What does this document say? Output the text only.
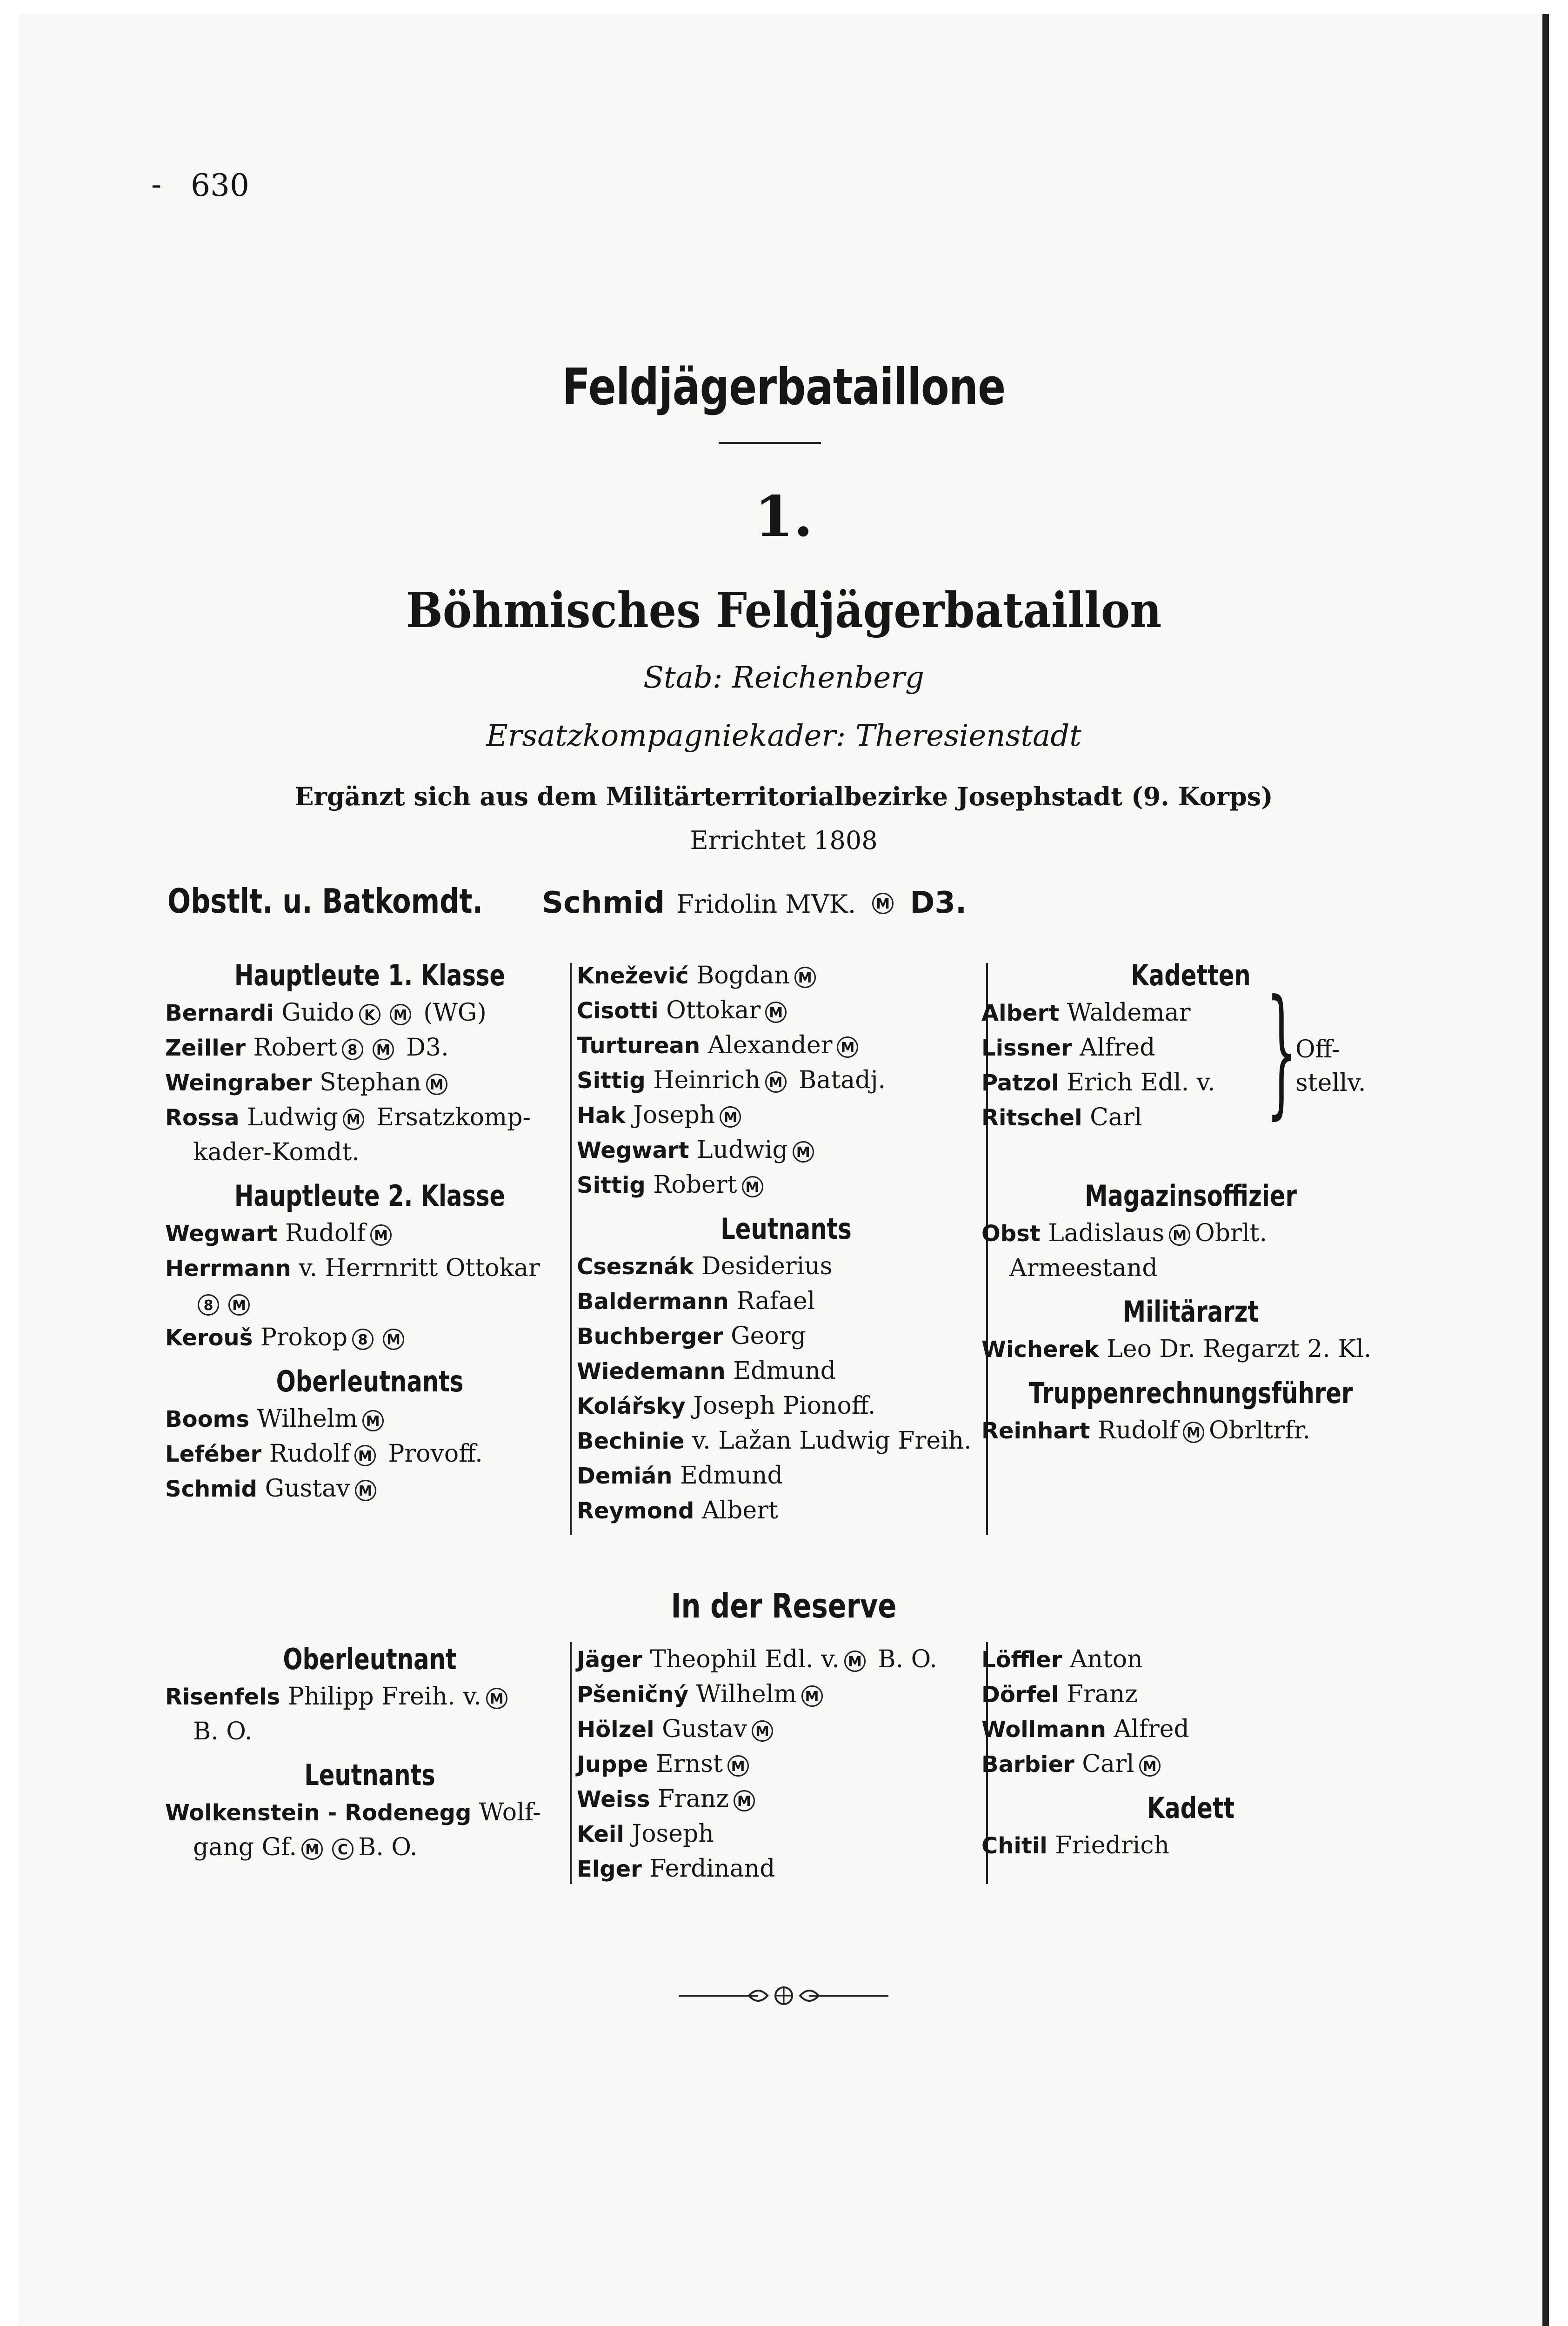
- 630
Feldjägerbataillone
1.
Böhmisches Feldjägerbataillon
Stab: Reichenberg
Ersatzkompagniekader: Theresienstadt
Ergänzt sich aus dem Militärterritorialbezirke Josephstadt (9. Korps)
Errichtet 1808
Obstlt. u. Batkomdt. Schmid Fridolin MVK. M D3.
Hauptleute 1. Klasse
Bernardi Guido K M (WG)
Zeiller Robert 8 M D3.
Weingraber Stephan M
Rossa Ludwig M Ersatzkomp-
kader-Komdt.
Hauptleute 2. Klasse
Wegwart Rudolf M
Herrmann v. Herrnritt Ottokar
8 M
Kerouš Prokop 8 M
Oberleutnants
Booms Wilhelm M
Leféber Rudolf M Provoff.
Schmid Gustav M
Knežević Bogdan M
Cisotti Ottokar M
Turturean Alexander M
Sittig Heinrich M Batadj.
Hak Joseph M
Wegwart Ludwig M
Sittig Robert M
Leutnants
Csesznák Desiderius
Baldermann Rafael
Buchberger Georg
Wiedemann Edmund
Kolářsky Joseph Pionoff.
Bechinie v. Lažan Ludwig Freih.
Demián Edmund
Reymond Albert
Kadetten
Albert Waldemar
Lissner Alfred
Patzol Erich Edl. v.
Ritschel Carl

Magazinsoffizier
Obst Ladislaus M Obrlt.
Armeestand
Militärarzt
Wicherek Leo Dr. Regarzt 2. Kl.
Truppenrechnungsführer
Reinhart Rudolf M Obrltrfr.
}
Off-
stellv.
In der Reserve
Oberleutnant
Risenfels Philipp Freih. v. M
B. O.
Leutnants
Wolkenstein - Rodenegg Wolf-
gang Gf. M C B. O.
Jäger Theophil Edl. v. M B. O.
Pšeničný Wilhelm M
Hölzel Gustav M
Juppe Ernst M
Weiss Franz M
Keil Joseph
Elger Ferdinand
Löffler Anton
Dörfel Franz
Wollmann Alfred
Barbier Carl M
Kadett
Chitil Friedrich
